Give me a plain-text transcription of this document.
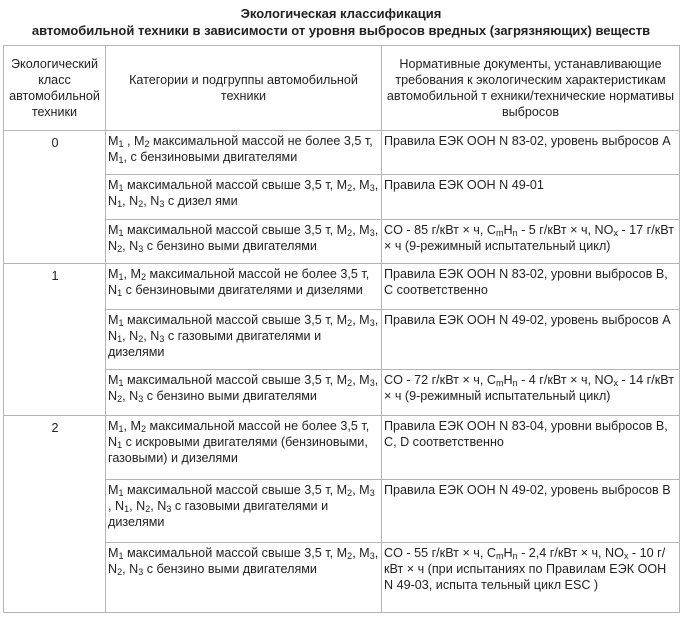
Экологическая классификация
автомобильной техники в зависимости от уровня выбросов вредных (загрязняющих) веществ
Экологический класс автомобильной техники	Категории и подгруппы автомобильной техники	Нормативные документы, устанавливающие требования к экологическим характеристикам автомобильной т ехники/технические нормативы выбросов
0	$М_1$ , $М_2$ максимальной массой не более 3,5 т, $М_1$, с бензиновыми двигателями	Правила ЕЭК ООН N 83-02, уровень выбросов А
	$М_1$ максимальной массой свыше 3,5 т, $М_2$, $М_3$, $N_1$, $N_2$, $N_3$ с дизел ями	Правила ЕЭК ООН N 49-01
	$М_1$ максимальной массой свыше 3,5 т, $М_2$, $М_3$, $N_2$, $N_3$ с бензино выми двигателями	CO - 85 г/кВт × ч, $C_mH_n - 5$ г/кВт × ч, $NO_x - 17$ г/кВт × ч (9-режимный испытательный цикл)
1	$М_1$, $М_2$ максимальной массой не более 3,5 т, $N_1$ с бензиновыми двигателями и дизелями	Правила ЕЭК ООН N 83-02, уровни выбросов В, С соответственно
	$М_1$ максимальной массой свыше 3,5 т, $М_2$, $М_3$, $N_1$, $N_2$, $N_3$ с газовыми двигателями и дизелями	Правила ЕЭК ООН N 49-02, уровень выбросов А
	$М_1$ максимальной массой свыше 3,5 т, $М_2$, $М_3$, $N_2$, $N_3$ с бензино выми двигателями	CO - 72 г/кВт × ч, $C_mH_n - 4$ г/кВт × ч, $NO_x - 14$ г/кВт × ч (9-режимный испытательный цикл)
2	$М_1$, $М_2$ максимальной массой не более 3,5 т, $N_1$ с искровыми двигателями (бензиновыми, газовыми) и дизелями	Правила ЕЭК ООН N 83-04, уровни выбросов В, С, D соответственно
	$М_1$ максимальной массой свыше 3,5 т, $М_2$, $М_3$ , $N_1$, $N_2$, $N_3$ с газовыми двигателями и дизелями	Правила ЕЭК ООН N 49-02, уровень выбросов В
	$М_1$ максимальной массой свыше 3,5 т, $М_2$, $М_3$, $N_2$, $N_3$ с бензино выми двигателями	CO - 55 г/кВт × ч, $C_mH_n - 2,4$ г/кВт × ч, $NO_x - 10$ г/кВт × ч (при испытаниях по Правилам ЕЭК ООН N 49-03, испыта тельный цикл ESC )
